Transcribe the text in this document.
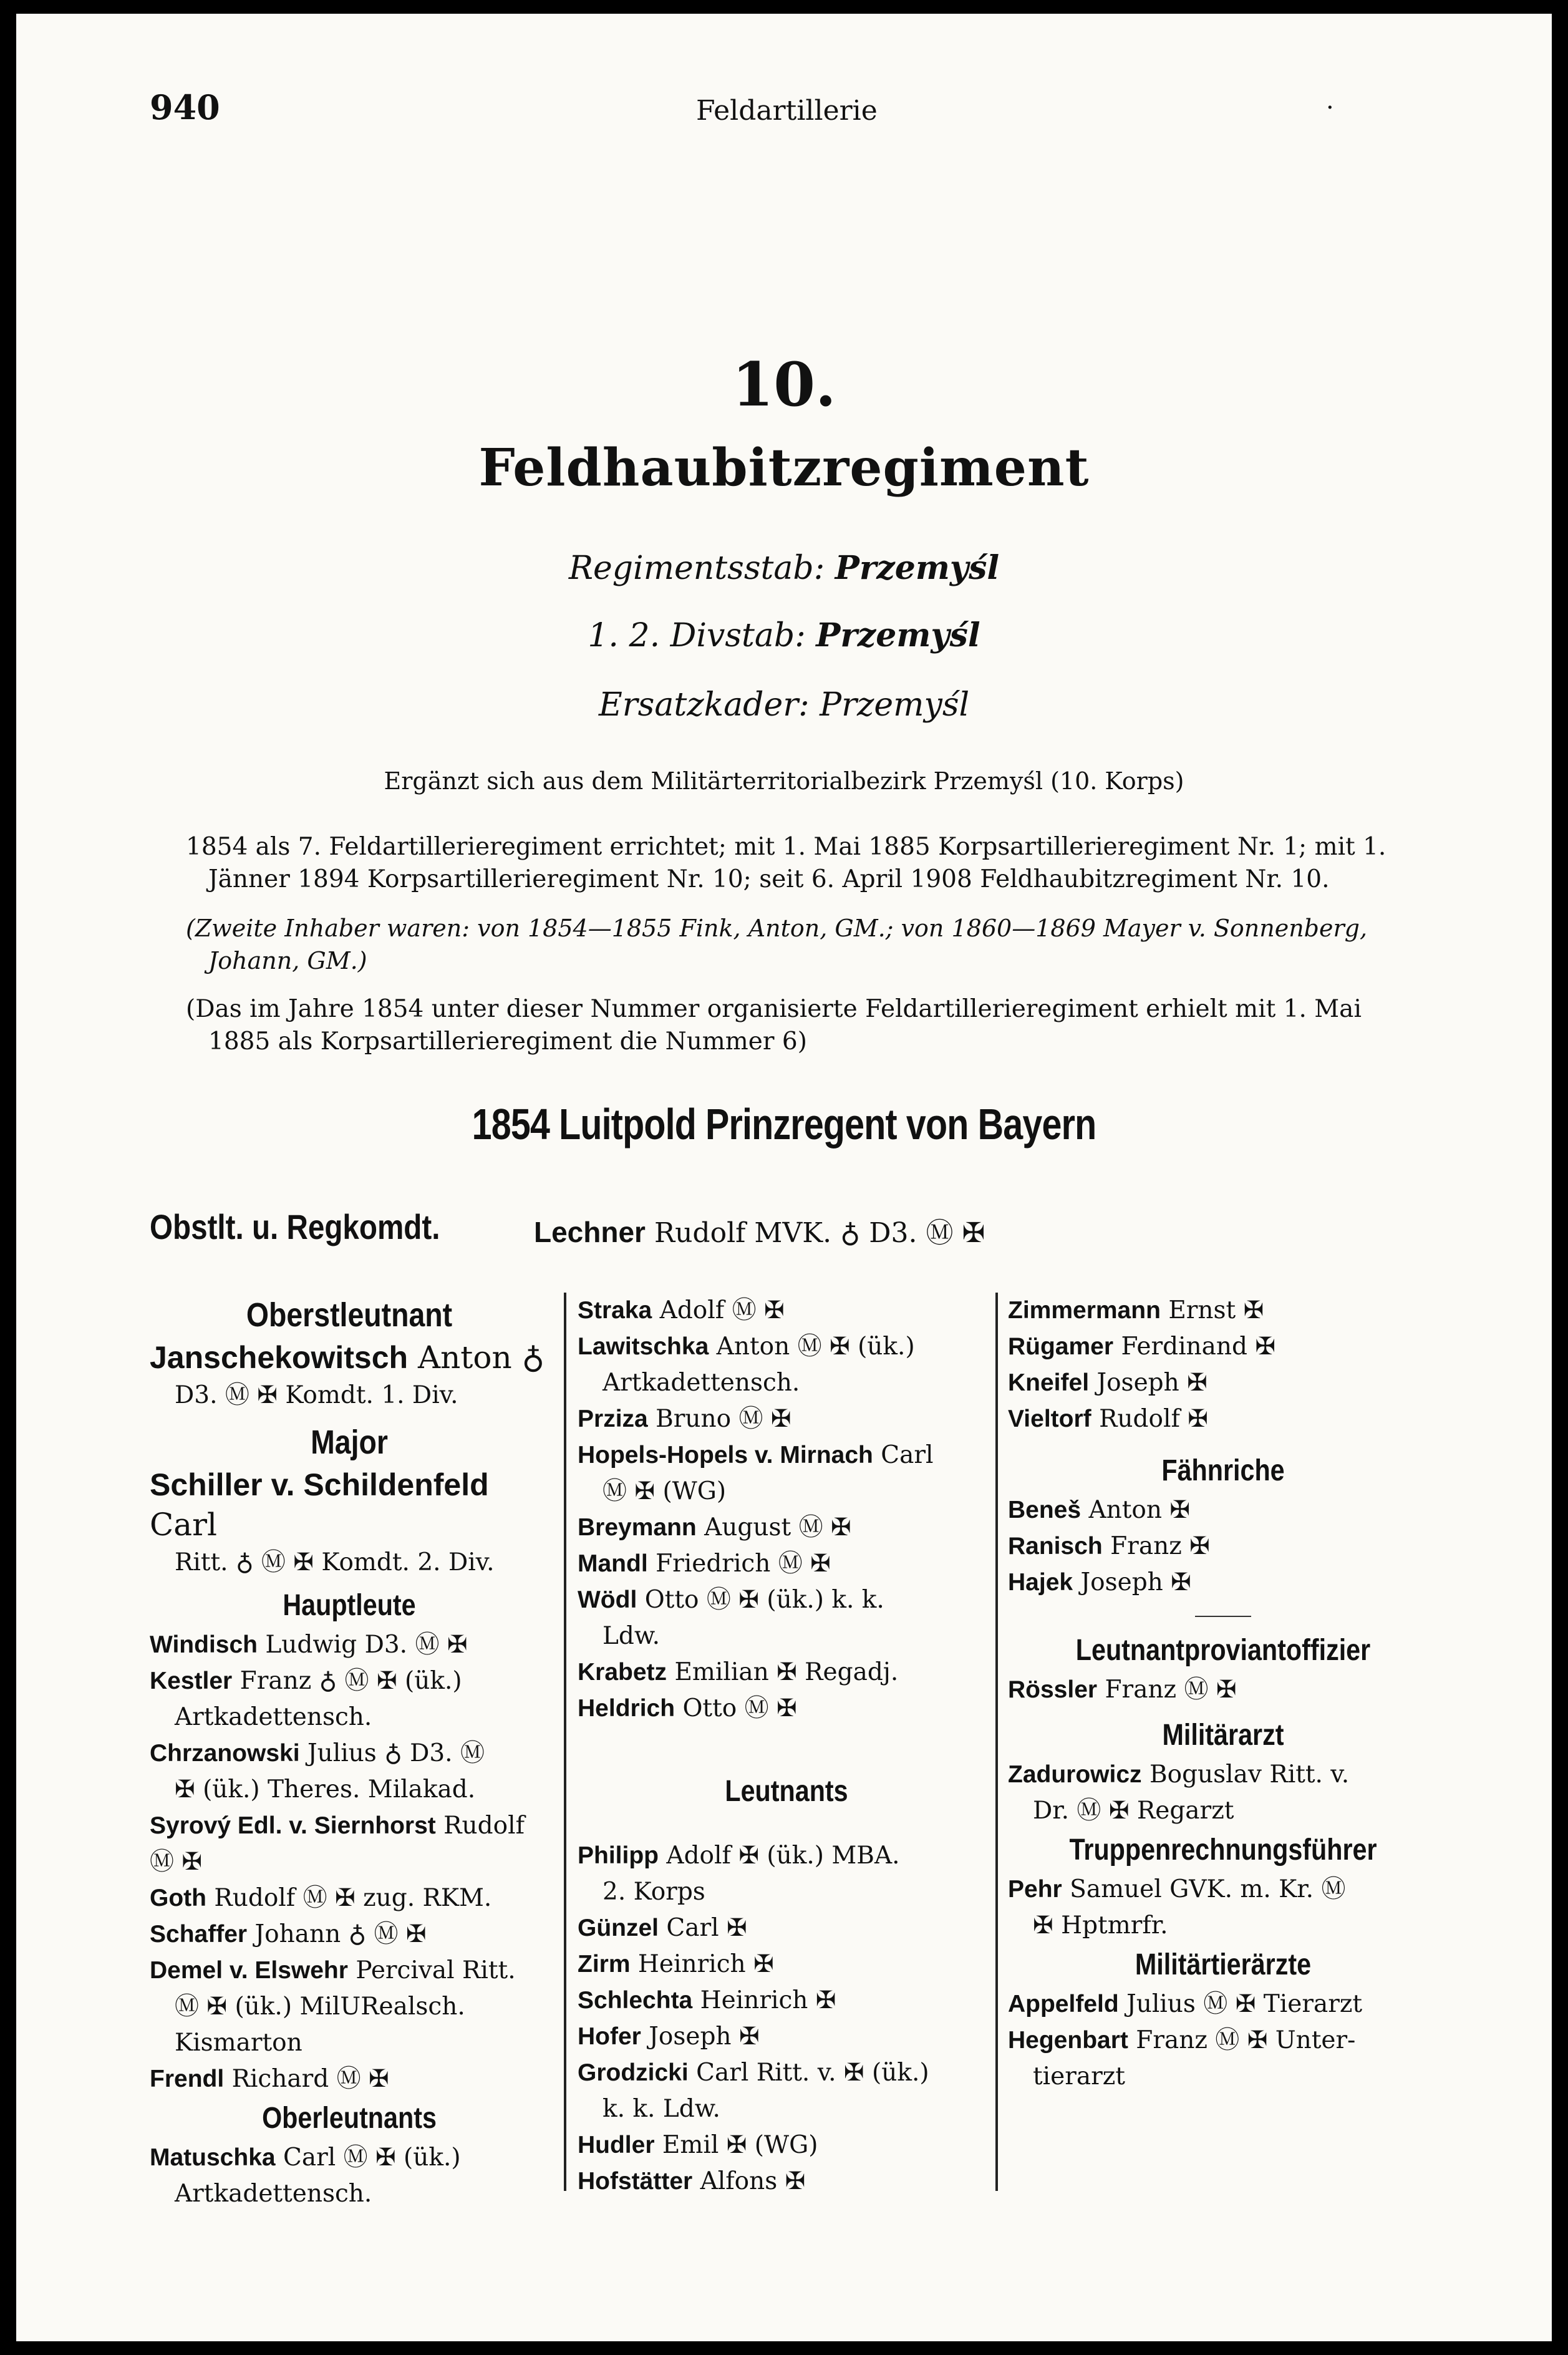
940	Feldartillerie	·
10.
Feldhaubitzregiment
Regimentsstab: Przemyśl
1. 2. Divstab: Przemyśl
Ersatzkader: Przemyśl
Ergänzt sich aus dem Militärterritorialbezirk Przemyśl (10. Korps)

1854 als 7. Feldartillerieregiment errichtet; mit 1. Mai 1885 Korpsartillerieregiment Nr. 1; mit 1. Jänner 1894 Korpsartillerieregiment Nr. 10; seit 6. April 1908 Feldhaubitzregiment Nr. 10.

(Zweite Inhaber waren: von 1854—1855 Fink, Anton, GM.; von 1860—1869 Mayer v. Sonnenberg, Johann, GM.)

(Das im Jahre 1854 unter dieser Nummer organisierte Feldartillerieregiment erhielt mit 1. Mai 1885 als Korpsartillerieregiment die Nummer 6)

1854 Luitpold Prinzregent von Bayern
Obstlt. u. Regkomdt.	Lechner Rudolf MVK. ♁ D3. Ⓜ ✠
Oberstleutnant
Janschekowitsch Anton ♁
D3. Ⓜ ✠ Komdt. 1. Div.
Major
Schiller v. Schildenfeld Carl
Ritt. ♁ Ⓜ ✠ Komdt. 2. Div.
Hauptleute
Windisch Ludwig D3. Ⓜ ✠
Kestler Franz ♁ Ⓜ ✠ (ük.)
Artkadettensch.
Chrzanowski Julius ♁ D3. Ⓜ
✠ (ük.) Theres. Milakad.
Syrový Edl. v. Siernhorst Rudolf Ⓜ ✠
Goth Rudolf Ⓜ ✠ zug. RKM.
Schaffer Johann ♁ Ⓜ ✠
Demel v. Elswehr Percival Ritt.
Ⓜ ✠ (ük.) MilURealsch. Kismarton
Frendl Richard Ⓜ ✠
Oberleutnants
Matuschka Carl Ⓜ ✠ (ük.)
Artkadettensch.
Straka Adolf Ⓜ ✠
Lawitschka Anton Ⓜ ✠ (ük.)
Artkadettensch.
Prziza Bruno Ⓜ ✠
Hopels-Hopels v. Mirnach Carl
Ⓜ ✠ (WG)
Breymann August Ⓜ ✠
Mandl Friedrich Ⓜ ✠
Wödl Otto Ⓜ ✠ (ük.) k. k.
Ldw.
Krabetz Emilian ✠ Regadj.
Heldrich Otto Ⓜ ✠
Leutnants
Philipp Adolf ✠ (ük.) MBA.
2. Korps
Günzel Carl ✠
Zirm Heinrich ✠
Schlechta Heinrich ✠
Hofer Joseph ✠
Grodzicki Carl Ritt. v. ✠ (ük.)
k. k. Ldw.
Hudler Emil ✠ (WG)
Hofstätter Alfons ✠
Zimmermann Ernst ✠
Rügamer Ferdinand ✠
Kneifel Joseph ✠
Vieltorf Rudolf ✠
Fähnriche
Beneš Anton ✠
Ranisch Franz ✠
Hajek Joseph ✠
Leutnantproviantoffizier
Rössler Franz Ⓜ ✠
Militärarzt
Zadurowicz Boguslav Ritt. v.
Dr. Ⓜ ✠ Regarzt
Truppenrechnungsführer
Pehr Samuel GVK. m. Kr. Ⓜ
✠ Hptmrfr.
Militärtierärzte
Appelfeld Julius Ⓜ ✠ Tierarzt
Hegenbart Franz Ⓜ ✠ Unter-
tierarzt
